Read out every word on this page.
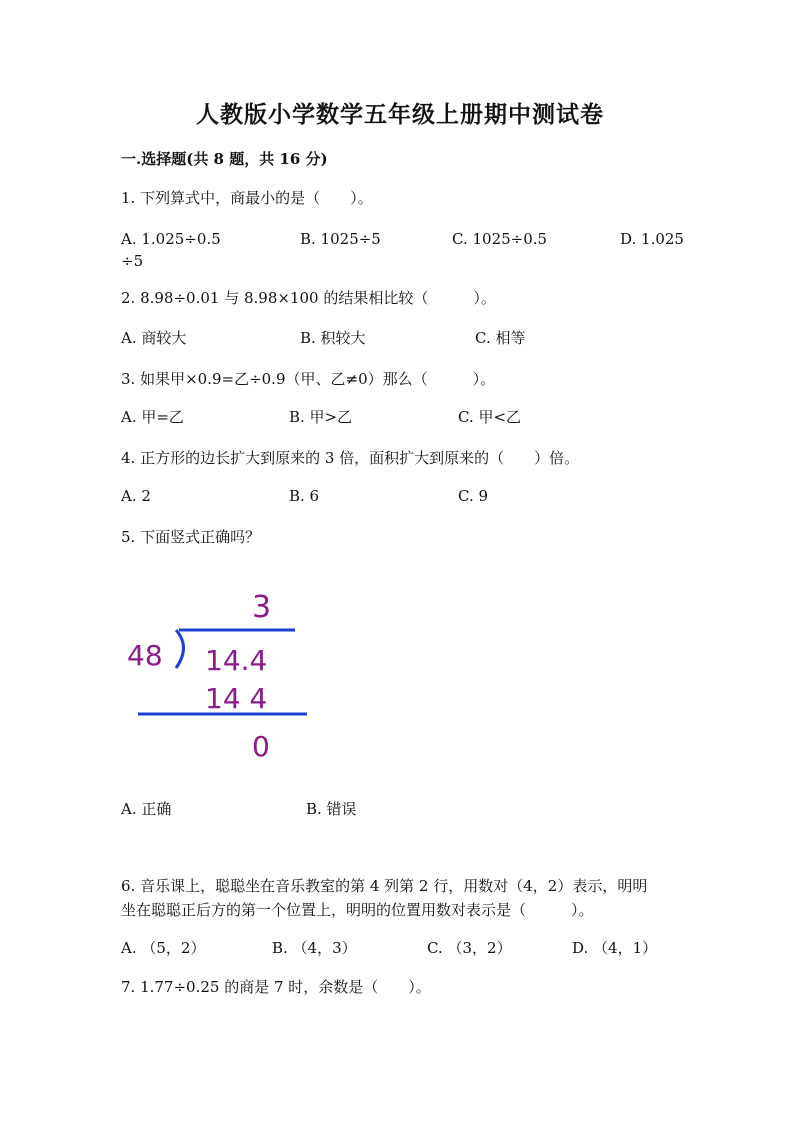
人教版小学数学五年级上册期中测试卷
一.选择题(共 8 题，共 16 分)
1. 下列算式中，商最小的是（　　）。
A. 1.025÷0.5	B. 1025÷5	C. 1025÷0.5	D. 1.025
÷5
2. 8.98÷0.01 与 8.98×100 的结果相比较（　　　）。
A. 商较大	B. 积较大	C. 相等
3. 如果甲×0.9=乙÷0.9（甲、乙≠0）那么（　　　）。
A. 甲=乙	B. 甲>乙	C. 甲<乙
4. 正方形的边长扩大到原来的 3 倍，面积扩大到原来的（　　）倍。
A. 2	B. 6	C. 9
5. 下面竖式正确吗？
3
48 14.4
14 4
0
A. 正确	B. 错误
6. 音乐课上，聪聪坐在音乐教室的第 4 列第 2 行，用数对（4，2）表示，明明
坐在聪聪正后方的第一个位置上，明明的位置用数对表示是（　　　）。
A. （5，2）	B. （4，3）	C. （3，2）	D. （4，1）
7. 1.77÷0.25 的商是 7 时，余数是（　　）。
